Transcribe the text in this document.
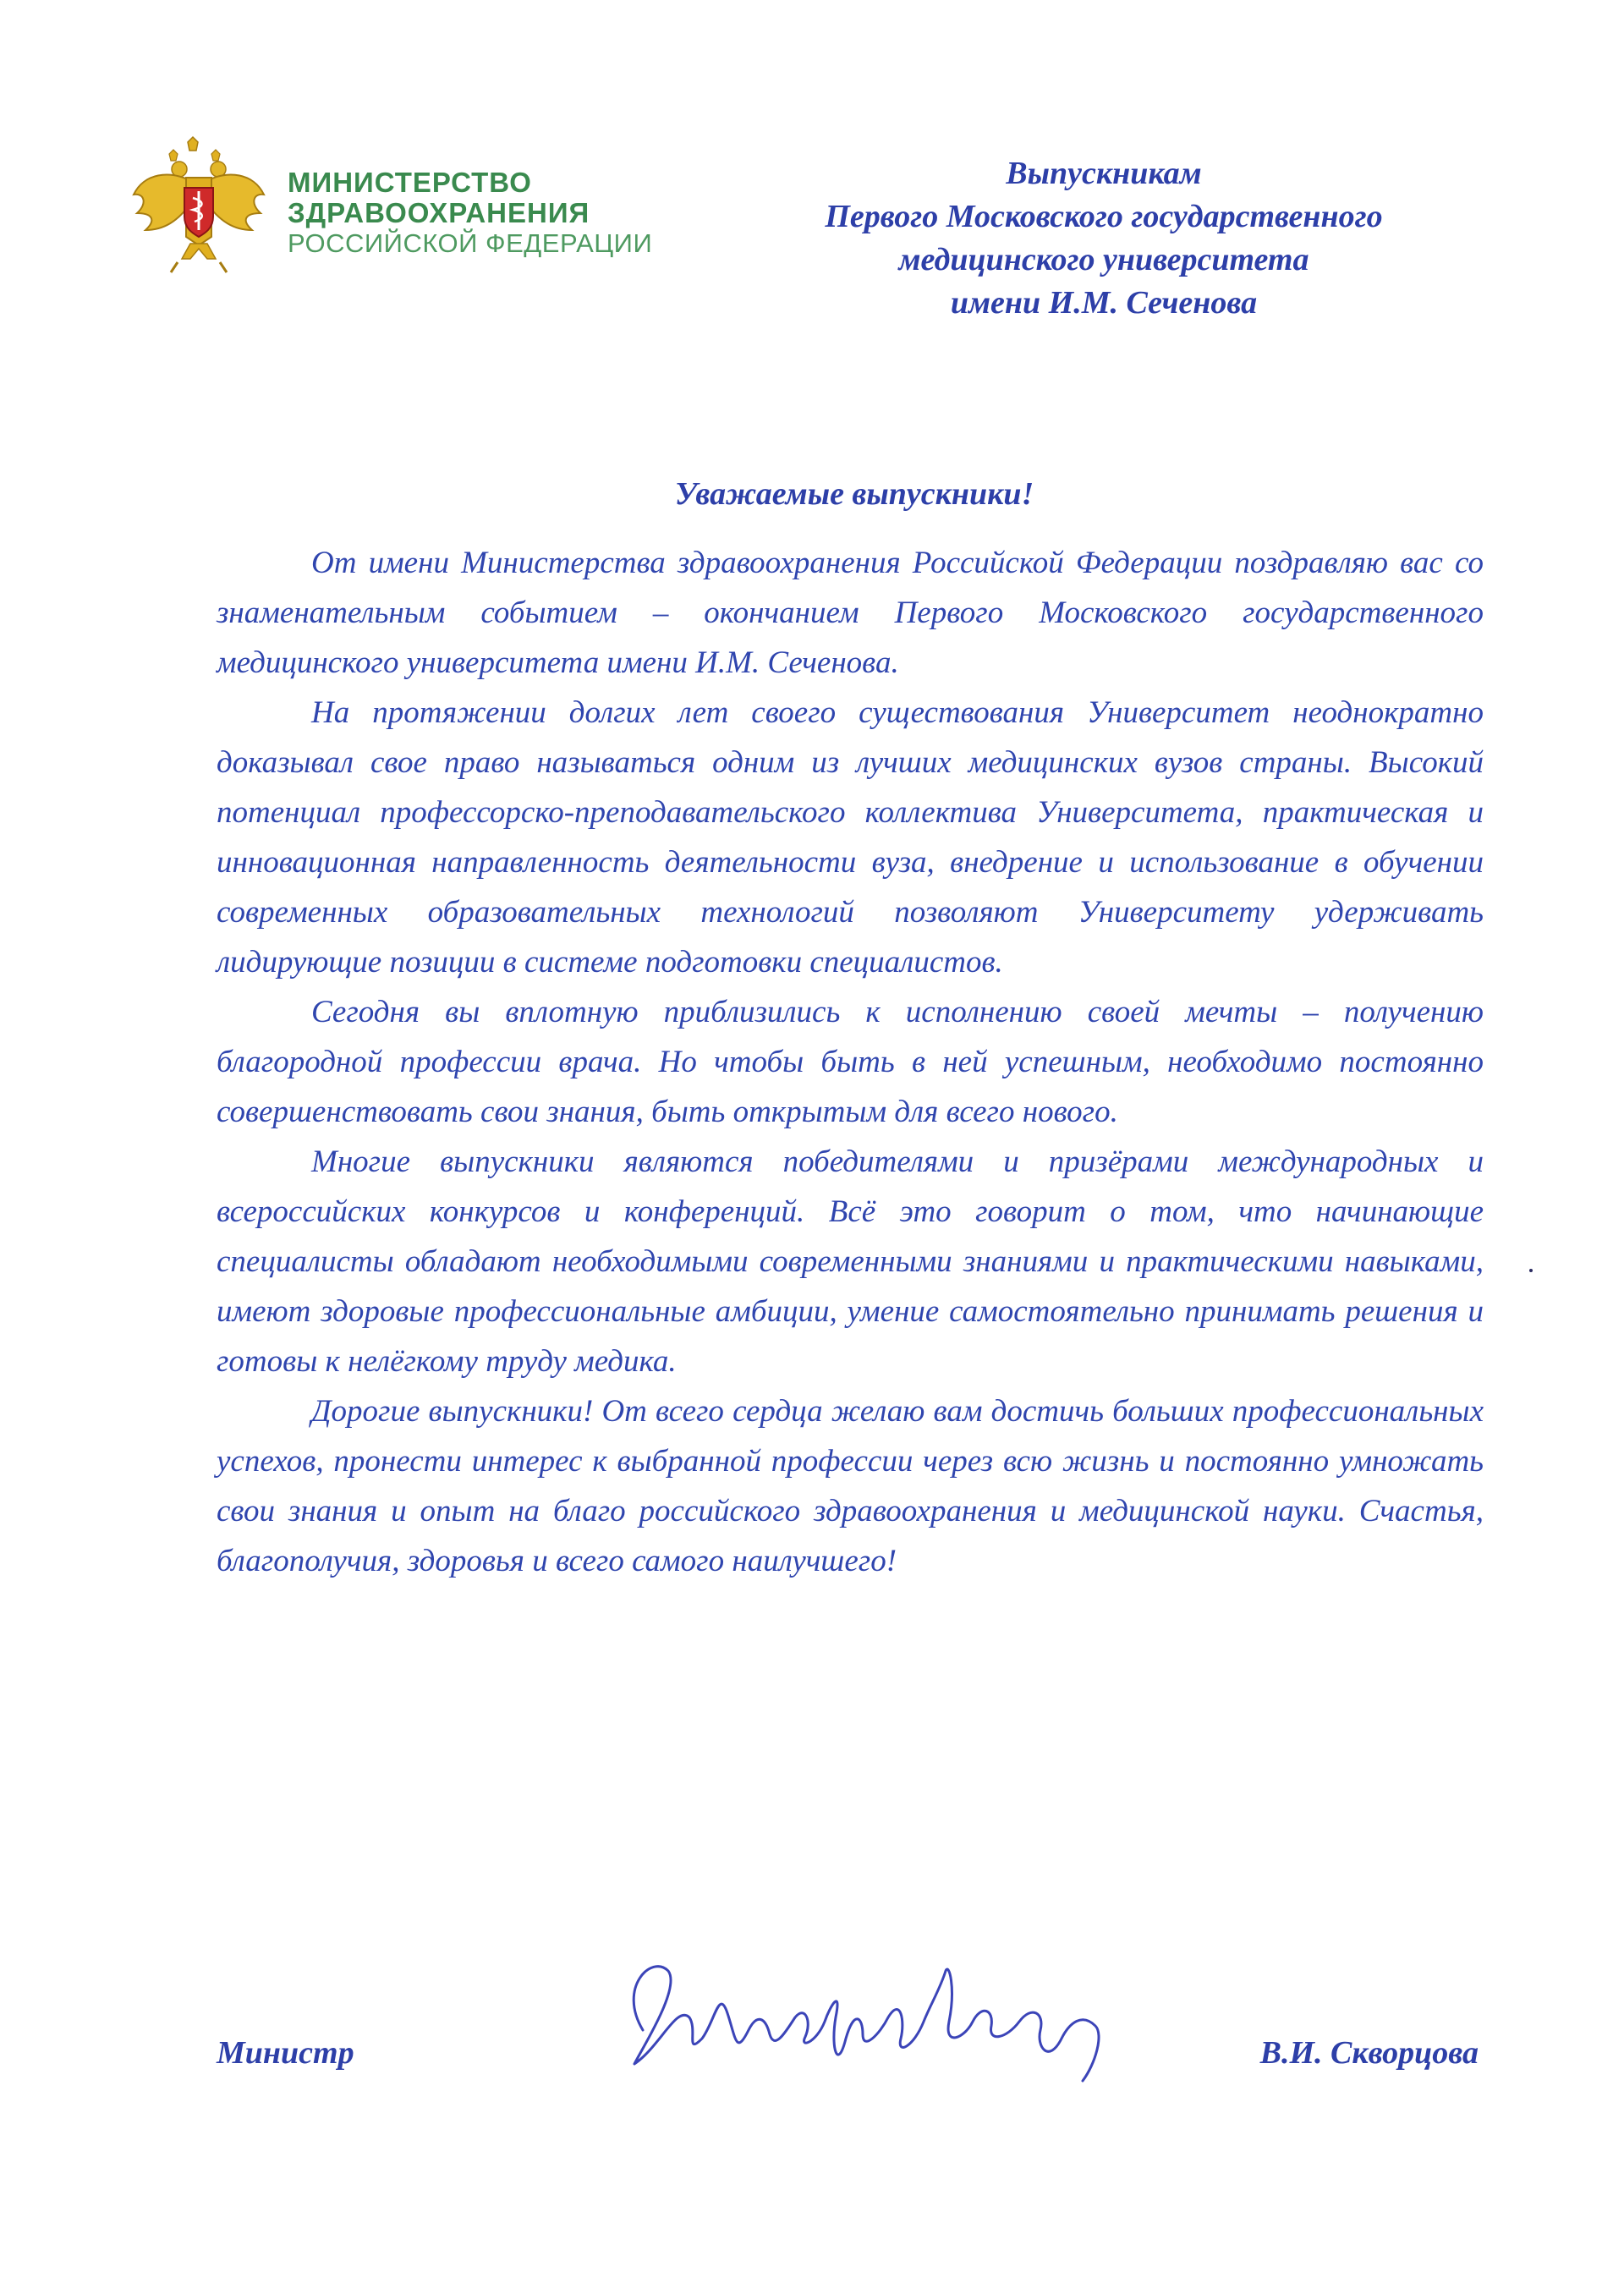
МИНИСТЕРСТВО
ЗДРАВООХРАНЕНИЯ
РОССИЙСКОЙ ФЕДЕРАЦИИ
Выпускникам
Первого Московского государственного
медицинского университета
имени И.М. Сеченова
Уважаемые выпускники!

От имени Министерства здравоохранения Российской Федерации поздравляю вас со знаменательным событием – окончанием Первого Московского государственного медицинского университета имени И.М. Сеченова.

На протяжении долгих лет своего существования Университет неоднократно доказывал свое право называться одним из лучших медицинских вузов страны. Высокий потенциал профессорско-преподавательского коллектива Университета, практическая и инновационная направленность деятельности вуза, внедрение и использование в обучении современных образовательных технологий позволяют Университету удерживать лидирующие позиции в системе подготовки специалистов.

Сегодня вы вплотную приблизились к исполнению своей мечты – получению благородной профессии врача. Но чтобы быть в ней успешным, необходимо постоянно совершенствовать свои знания, быть открытым для всего нового.

Многие выпускники являются победителями и призёрами международных и всероссийских конкурсов и конференций. Всё это говорит о том, что начинающие специалисты обладают необходимыми современными знаниями и практическими навыками, имеют здоровые профессиональные амбиции, умение самостоятельно принимать решения и готовы к нелёгкому труду медика.

Дорогие выпускники! От всего сердца желаю вам достичь больших профессиональных успехов, пронести интерес к выбранной профессии через всю жизнь и постоянно умножать свои знания и опыт на благо российского здравоохранения и медицинской науки. Счастья, благополучия, здоровья и всего самого наилучшего!

Министр	В.И. Скворцова
